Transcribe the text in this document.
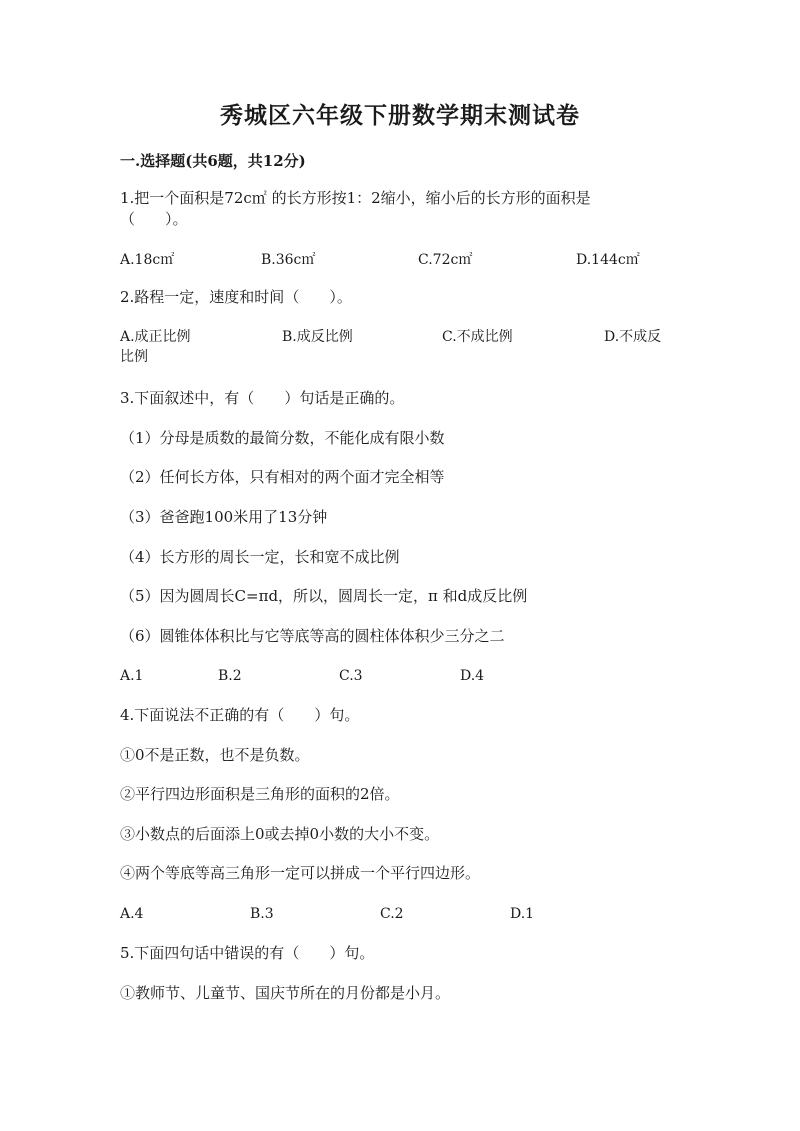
秀城区六年级下册数学期末测试卷
一.选择题(共6题，共12分)
1.把一个面积是72c㎡ 的长方形按1：2缩小，缩小后的长方形的面积是
（　　）。
A.18c㎡	B.36c㎡	C.72c㎡	D.144c㎡
2.路程一定，速度和时间（　　）。
A.成正比例	B.成反比例	C.不成比例	D.不成反
比例
3.下面叙述中，有（　　）句话是正确的。
（1）分母是质数的最简分数，不能化成有限小数
（2）任何长方体，只有相对的两个面才完全相等
（3）爸爸跑100米用了13分钟
（4）长方形的周长一定，长和宽不成比例
（5）因为圆周长C=πd，所以，圆周长一定，π 和d成反比例
（6）圆锥体体积比与它等底等高的圆柱体体积少三分之二
A.1	B.2	C.3	D.4
4.下面说法不正确的有（　　）句。
①0不是正数，也不是负数。
②平行四边形面积是三角形的面积的2倍。
③小数点的后面添上0或去掉0小数的大小不变。
④两个等底等高三角形一定可以拼成一个平行四边形。
A.4	B.3	C.2	D.1
5.下面四句话中错误的有（　　）句。
①教师节、儿童节、国庆节所在的月份都是小月。
